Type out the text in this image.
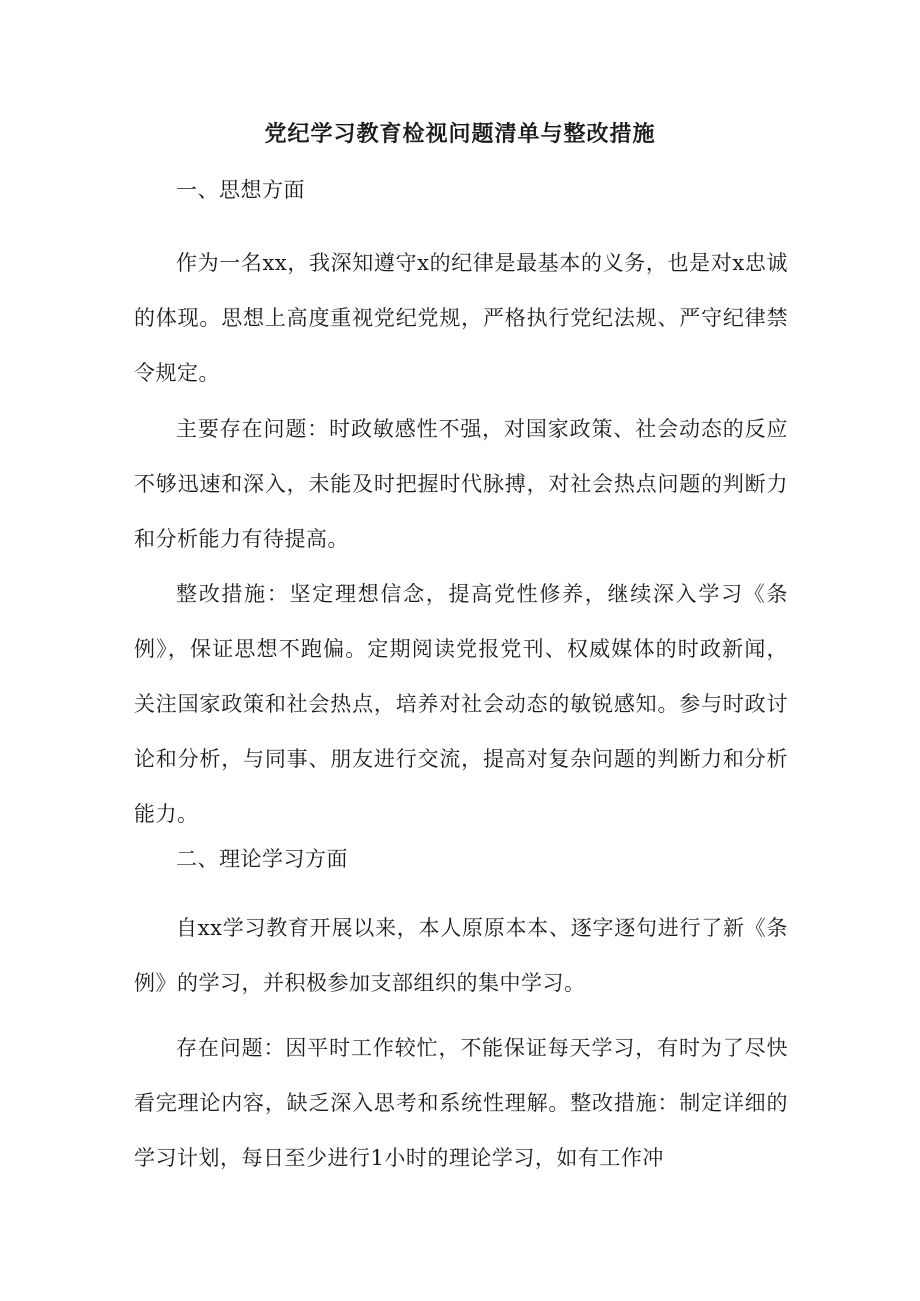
党纪学习教育检视问题清单与整改措施

一、思想方面

作为一名xx，我深知遵守x的纪律是最基本的义务，也是对x忠诚的体现。思想上高度重视党纪党规，严格执行党纪法规、严守纪律禁令规定。

主要存在问题：时政敏感性不强，对国家政策、社会动态的反应不够迅速和深入，未能及时把握时代脉搏，对社会热点问题的判断力和分析能力有待提高。

整改措施：坚定理想信念，提高党性修养，继续深入学习《条例》，保证思想不跑偏。定期阅读党报党刊、权威媒体的时政新闻，关注国家政策和社会热点，培养对社会动态的敏锐感知。参与时政讨论和分析，与同事、朋友进行交流，提高对复杂问题的判断力和分析能力。

二、理论学习方面

自xx学习教育开展以来，本人原原本本、逐字逐句进行了新《条例》的学习，并积极参加支部组织的集中学习。

存在问题：因平时工作较忙，不能保证每天学习，有时为了尽快看完理论内容，缺乏深入思考和系统性理解。整改措施：制定详细的学习计划，每日至少进行1小时的理论学习，如有工作冲
